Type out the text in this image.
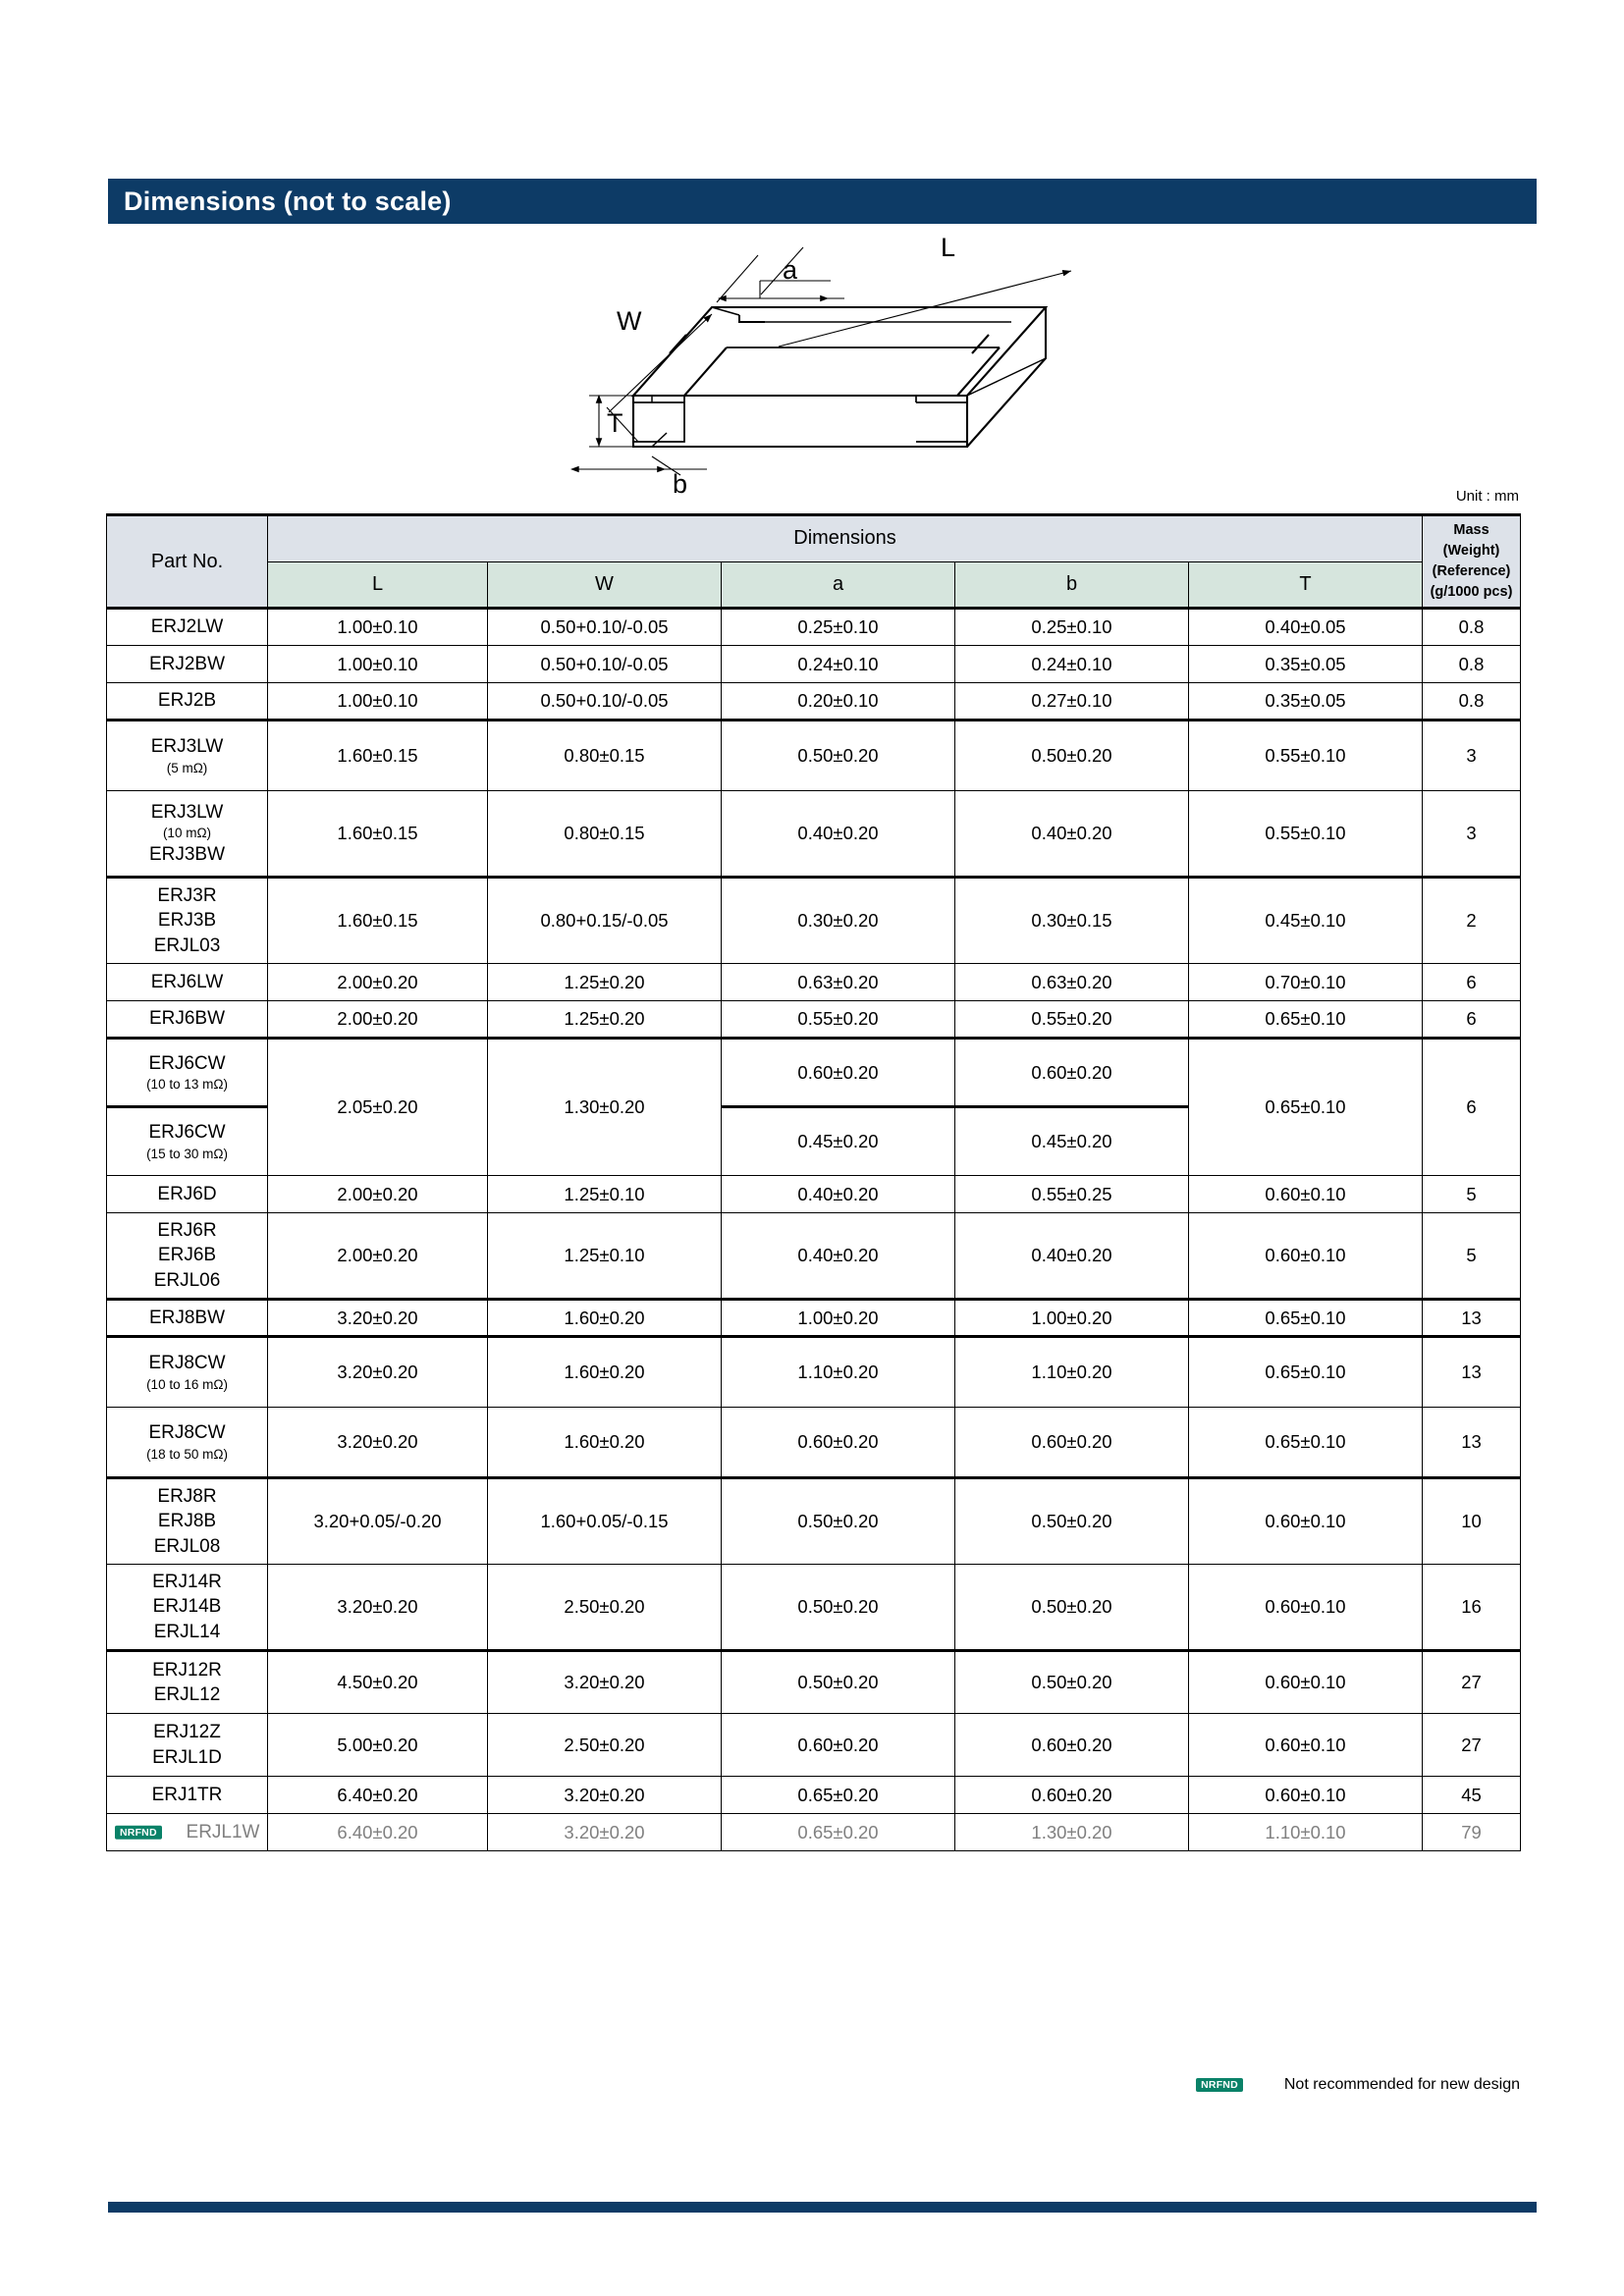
Dimensions (not to scale)
L
W
a
T
b	Unit : mm
Part No.	Dimensions					Mass (Weight)
(Reference)
(g/1000 pcs)
	L	W	a	b	T	

ERJ2LW	1.00±0.10	0.50+0.10/-0.05	0.25±0.10	0.25±0.10	0.40±0.05	0.8

ERJ2BW	1.00±0.10	0.50+0.10/-0.05	0.24±0.10	0.24±0.10	0.35±0.05	0.8

ERJ2B	1.00±0.10	0.50+0.10/-0.05	0.20±0.10	0.27±0.10	0.35±0.05	0.8

ERJ3LW
(5 mΩ)	1.60±0.15	0.80±0.15	0.50±0.20	0.50±0.20	0.55±0.10	3

ERJ3LW
(10 mΩ)
ERJ3BW	1.60±0.15	0.80±0.15	0.40±0.20	0.40±0.20	0.55±0.10	3

ERJ3R
ERJ3B
ERJL03	1.60±0.15	0.80+0.15/-0.05	0.30±0.20	0.30±0.15	0.45±0.10	2

ERJ6LW	2.00±0.20	1.25±0.20	0.63±0.20	0.63±0.20	0.70±0.10	6

ERJ6BW	2.00±0.20	1.25±0.20	0.55±0.20	0.55±0.20	0.65±0.10	6

ERJ6CW
(10 to 13 mΩ)	2.05±0.20	1.30±0.20	0.60±0.20	0.60±0.20	0.65±0.10	6

ERJ6CW
(15 to 30 mΩ)			0.45±0.20	0.45±0.20		

ERJ6D	2.00±0.20	1.25±0.10	0.40±0.20	0.55±0.25	0.60±0.10	5

ERJ6R
ERJ6B
ERJL06	2.00±0.20	1.25±0.10	0.40±0.20	0.40±0.20	0.60±0.10	5

ERJ8BW	3.20±0.20	1.60±0.20	1.00±0.20	1.00±0.20	0.65±0.10	13

ERJ8CW
(10 to 16 mΩ)	3.20±0.20	1.60±0.20	1.10±0.20	1.10±0.20	0.65±0.10	13

ERJ8CW
(18 to 50 mΩ)	3.20±0.20	1.60±0.20	0.60±0.20	0.60±0.20	0.65±0.10	13

ERJ8R
ERJ8B
ERJL08	3.20+0.05/-0.20	1.60+0.05/-0.15	0.50±0.20	0.50±0.20	0.60±0.10	10

ERJ14R
ERJ14B
ERJL14	3.20±0.20	2.50±0.20	0.50±0.20	0.50±0.20	0.60±0.10	16

ERJ12R
ERJL12	4.50±0.20	3.20±0.20	0.50±0.20	0.50±0.20	0.60±0.10	27

ERJ12Z
ERJL1D	5.00±0.20	2.50±0.20	0.60±0.20	0.60±0.20	0.60±0.10	27

ERJ1TR	6.40±0.20	3.20±0.20	0.65±0.20	0.60±0.20	0.60±0.10	45

NRFND ERJL1W	6.40±0.20	3.20±0.20	0.65±0.20	1.30±0.20	1.10±0.10	79
NRFND	Not recommended for new design
